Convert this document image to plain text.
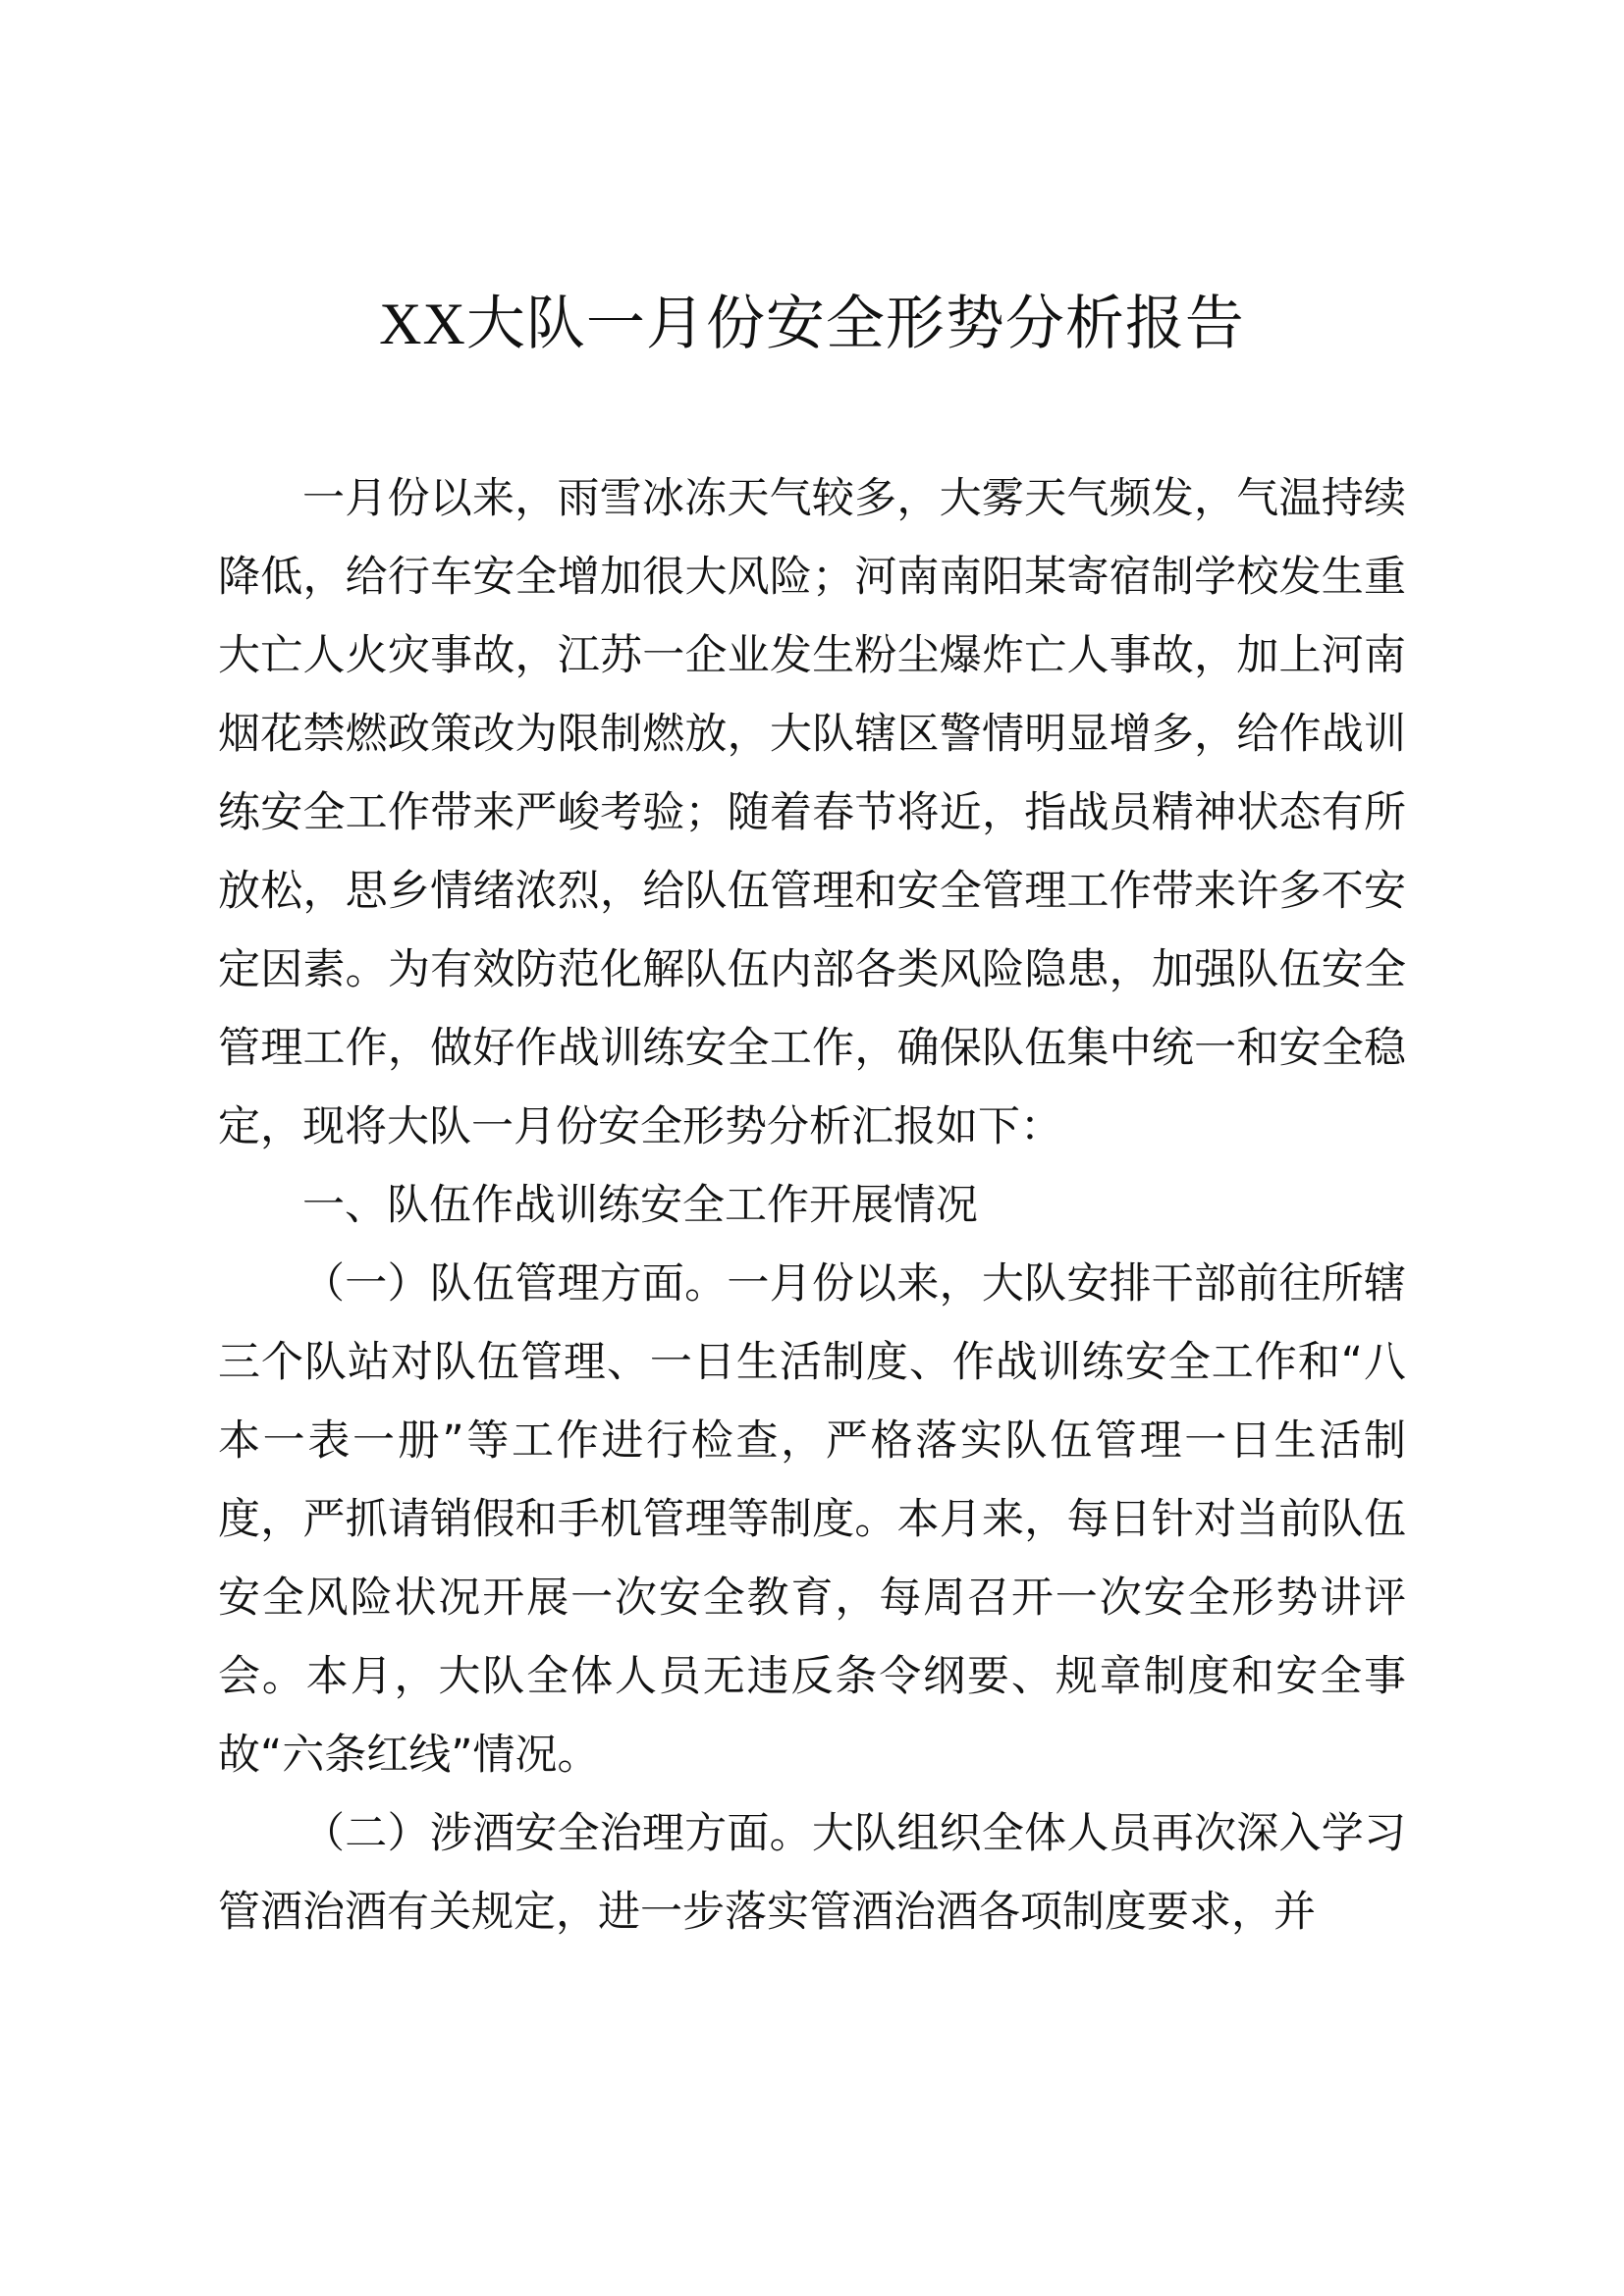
XX大队一月份安全形势分析报告

一月份以来，雨雪冰冻天气较多，大雾天气频发，气温持续降低，给行车安全增加很大风险；河南南阳某寄宿制学校发生重大亡人火灾事故，江苏一企业发生粉尘爆炸亡人事故，加上河南烟花禁燃政策改为限制燃放，大队辖区警情明显增多，给作战训练安全工作带来严峻考验；随着春节将近，指战员精神状态有所放松，思乡情绪浓烈，给队伍管理和安全管理工作带来许多不安定因素。为有效防范化解队伍内部各类风险隐患，加强队伍安全管理工作，做好作战训练安全工作，确保队伍集中统一和安全稳定，现将大队一月份安全形势分析汇报如下：

一、队伍作战训练安全工作开展情况

（一）队伍管理方面。一月份以来，大队安排干部前往所辖三个队站对队伍管理、一日生活制度、作战训练安全工作和“八本一表一册”等工作进行检查，严格落实队伍管理一日生活制度，严抓请销假和手机管理等制度。本月来，每日针对当前队伍安全风险状况开展一次安全教育，每周召开一次安全形势讲评会。本月，大队全体人员无违反条令纲要、规章制度和安全事故“六条红线”情况。

（二）涉酒安全治理方面。大队组织全体人员再次深入学习管酒治酒有关规定，进一步落实管酒治酒各项制度要求，并
